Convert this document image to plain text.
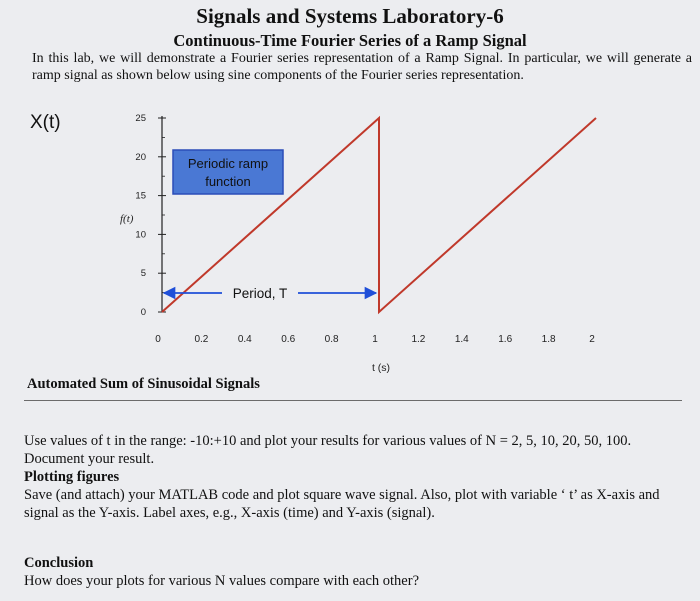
Signals and Systems Laboratory-6
Continuous-Time Fourier Series of a Ramp Signal
In this lab, we will demonstrate a Fourier series representation of a Ramp Signal. In particular, we will generate a ramp signal as shown below using sine components of the Fourier series representation.
X(t)
0
5
10
15
20
25
0	0.2	0.4	0.6	0.8	1	1.2	1.4	1.6	1.8	2
f(t)
t (s)
Periodic ramp
function
Period, T
Automated Sum of Sinusoidal Signals
Use values of t in the range: -10:+10 and plot your results for various values of N = 2, 5, 10, 20, 50, 100. Document your result.
Plotting figures
Save (and attach) your MATLAB code and plot square wave signal. Also, plot with variable ‘ t’ as X-axis and signal as the Y-axis. Label axes, e.g., X-axis (time) and Y-axis (signal).
Conclusion
How does your plots for various N values compare with each other?
